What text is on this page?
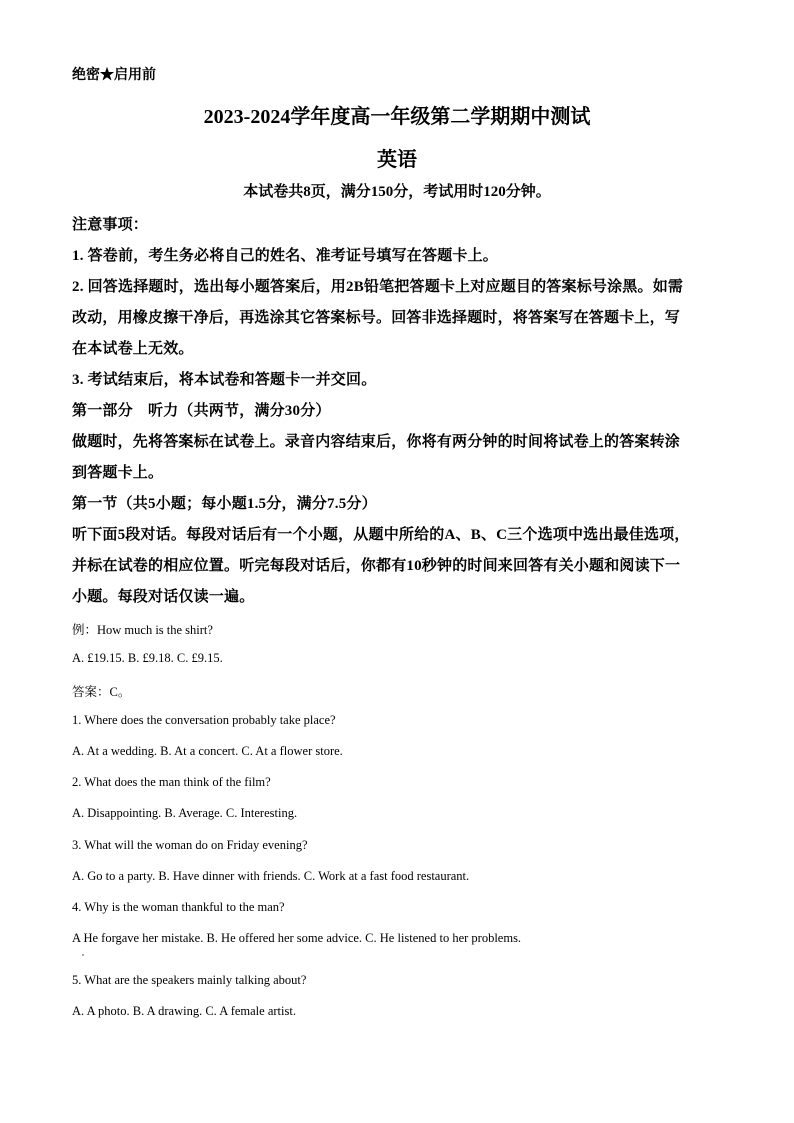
绝密★启用前
2023-2024学年度高一年级第二学期期中测试
英语
本试卷共8页，满分150分，考试用时120分钟。
注意事项：
1. 答卷前，考生务必将自己的姓名、准考证号填写在答题卡上。
2. 回答选择题时，选出每小题答案后，用2B铅笔把答题卡上对应题目的答案标号涂黑。如需
改动，用橡皮擦干净后，再选涂其它答案标号。回答非选择题时，将答案写在答题卡上，写
在本试卷上无效。
3. 考试结束后，将本试卷和答题卡一并交回。
第一部分　听力（共两节，满分30分）
做题时，先将答案标在试卷上。录音内容结束后，你将有两分钟的时间将试卷上的答案转涂
到答题卡上。
第一节（共5小题；每小题1.5分，满分7.5分）
听下面5段对话。每段对话后有一个小题，从题中所给的A、B、C三个选项中选出最佳选项，
并标在试卷的相应位置。听完每段对话后，你都有10秒钟的时间来回答有关小题和阅读下一
小题。每段对话仅读一遍。
例：How much is the shirt?
A. £19.15. B. £9.18. C. £9.15.
答案：C。
1. Where does the conversation probably take place?
A. At a wedding. B. At a concert. C. At a flower store.
2. What does the man think of the film?
A. Disappointing. B. Average. C. Interesting.
3. What will the woman do on Friday evening?
A. Go to a party. B. Have dinner with friends. C. Work at a fast food restaurant.
4. Why is the woman thankful to the man?
A He forgave her mistake. B. He offered her some advice. C. He listened to her problems.
5. What are the speakers mainly talking about?
A. A photo. B. A drawing. C. A female artist.
